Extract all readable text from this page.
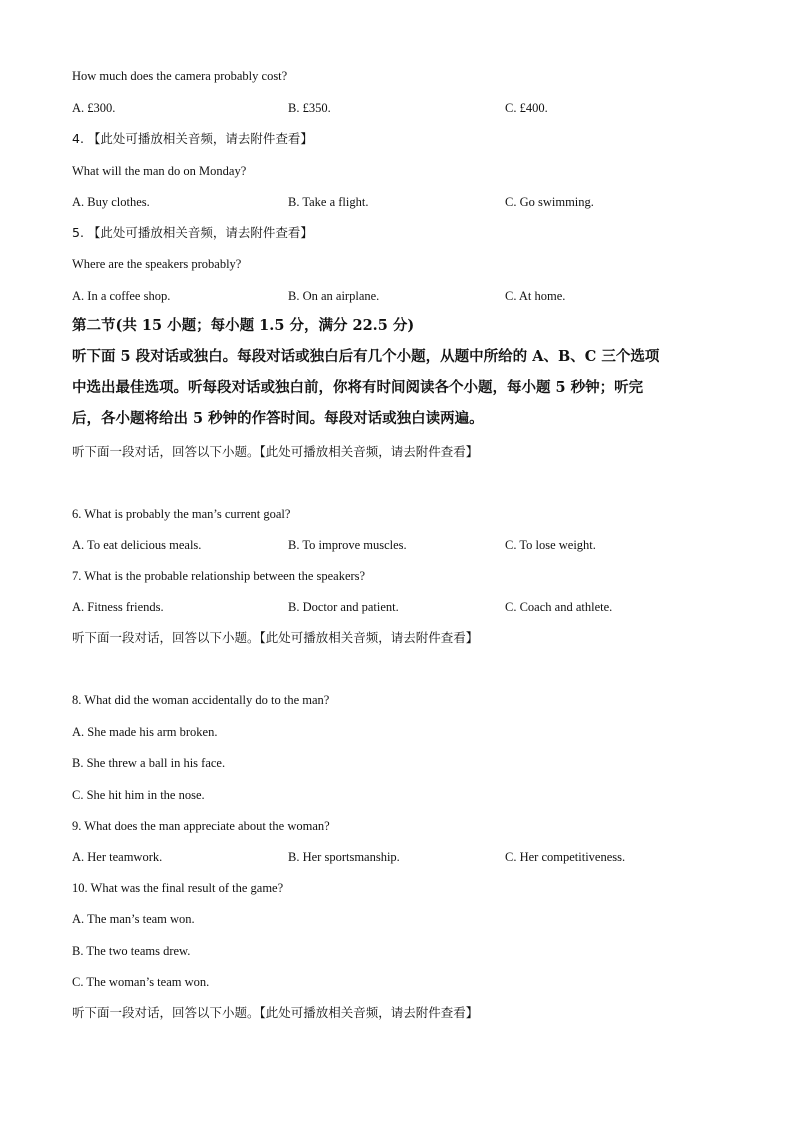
How much does the camera probably cost?
A. £300.	B. £350.	C. £400.
4. 【此处可播放相关音频，请去附件查看】
What will the man do on Monday?
A. Buy clothes.	B. Take a flight.	C. Go swimming.
5. 【此处可播放相关音频，请去附件查看】
Where are the speakers probably?
A. In a coffee shop.	B. On an airplane.	C. At home.
第二节(共 15 小题；每小题 1.5 分，满分 22.5 分)
听下面 5 段对话或独白。每段对话或独白后有几个小题，从题中所给的 A、B、C 三个选项
中选出最佳选项。听每段对话或独白前，你将有时间阅读各个小题，每小题 5 秒钟；听完
后，各小题将给出 5 秒钟的作答时间。每段对话或独白读两遍。
听下面一段对话，回答以下小题。【此处可播放相关音频，请去附件查看】
6. What is probably the man’s current goal?
A. To eat delicious meals.	B. To improve muscles.	C. To lose weight.
7. What is the probable relationship between the speakers?
A. Fitness friends.	B. Doctor and patient.	C. Coach and athlete.
听下面一段对话，回答以下小题。【此处可播放相关音频，请去附件查看】
8. What did the woman accidentally do to the man?
A. She made his arm broken.
B. She threw a ball in his face.
C. She hit him in the nose.
9. What does the man appreciate about the woman?
A. Her teamwork.	B. Her sportsmanship.	C. Her competitiveness.
10. What was the final result of the game?
A. The man’s team won.
B. The two teams drew.
C. The woman’s team won.
听下面一段对话，回答以下小题。【此处可播放相关音频，请去附件查看】
